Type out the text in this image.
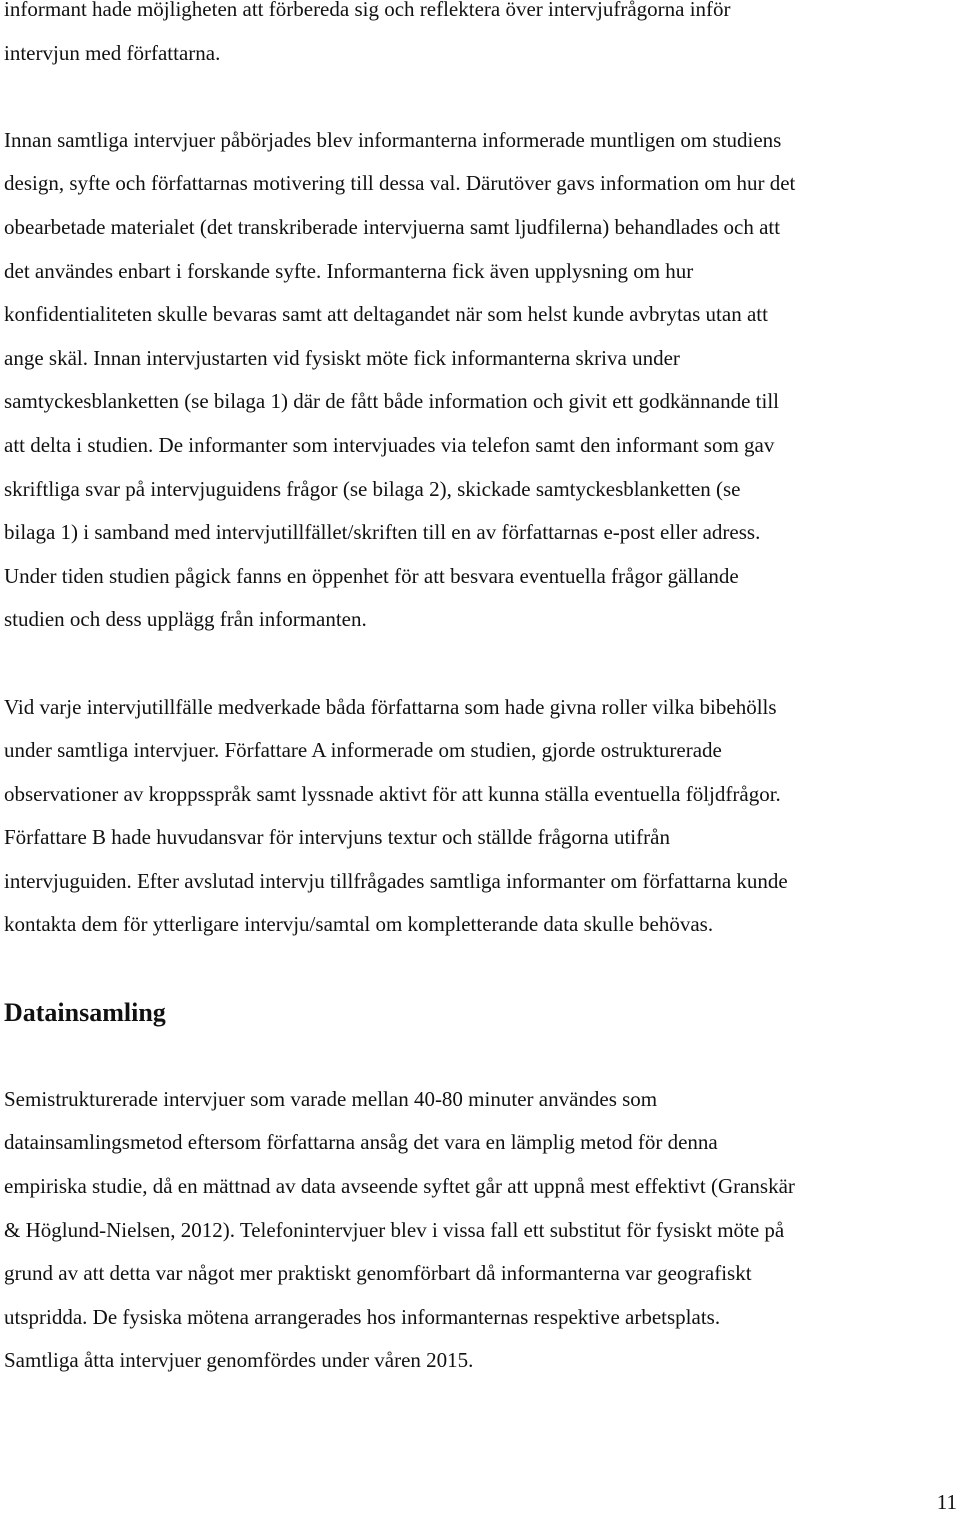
informant hade möjligheten att förbereda sig och reflektera över intervjufrågorna inför
intervjun med författarna.
Innan samtliga intervjuer påbörjades blev informanterna informerade muntligen om studiens
design, syfte och författarnas motivering till dessa val. Därutöver gavs information om hur det
obearbetade materialet (det transkriberade intervjuerna samt ljudfilerna) behandlades och att
det användes enbart i forskande syfte. Informanterna fick även upplysning om hur
konfidentialiteten skulle bevaras samt att deltagandet när som helst kunde avbrytas utan att
ange skäl. Innan intervjustarten vid fysiskt möte fick informanterna skriva under
samtyckesblanketten (se bilaga 1) där de fått både information och givit ett godkännande till
att delta i studien. De informanter som intervjuades via telefon samt den informant som gav
skriftliga svar på intervjuguidens frågor (se bilaga 2), skickade samtyckesblanketten (se
bilaga 1) i samband med intervjutillfället/skriften till en av författarnas e-post eller adress.
Under tiden studien pågick fanns en öppenhet för att besvara eventuella frågor gällande
studien och dess upplägg från informanten.
Vid varje intervjutillfälle medverkade båda författarna som hade givna roller vilka bibehölls
under samtliga intervjuer. Författare A informerade om studien, gjorde ostrukturerade
observationer av kroppsspråk samt lyssnade aktivt för att kunna ställa eventuella följdfrågor.
Författare B hade huvudansvar för intervjuns textur och ställde frågorna utifrån
intervjuguiden. Efter avslutad intervju tillfrågades samtliga informanter om författarna kunde
kontakta dem för ytterligare intervju/samtal om kompletterande data skulle behövas.
Datainsamling
Semistrukturerade intervjuer som varade mellan 40-80 minuter användes som
datainsamlingsmetod eftersom författarna ansåg det vara en lämplig metod för denna
empiriska studie, då en mättnad av data avseende syftet går att uppnå mest effektivt (Granskär
& Höglund-Nielsen, 2012). Telefonintervjuer blev i vissa fall ett substitut för fysiskt möte på
grund av att detta var något mer praktiskt genomförbart då informanterna var geografiskt
utspridda. De fysiska mötena arrangerades hos informanternas respektive arbetsplats.
Samtliga åtta intervjuer genomfördes under våren 2015.
11
